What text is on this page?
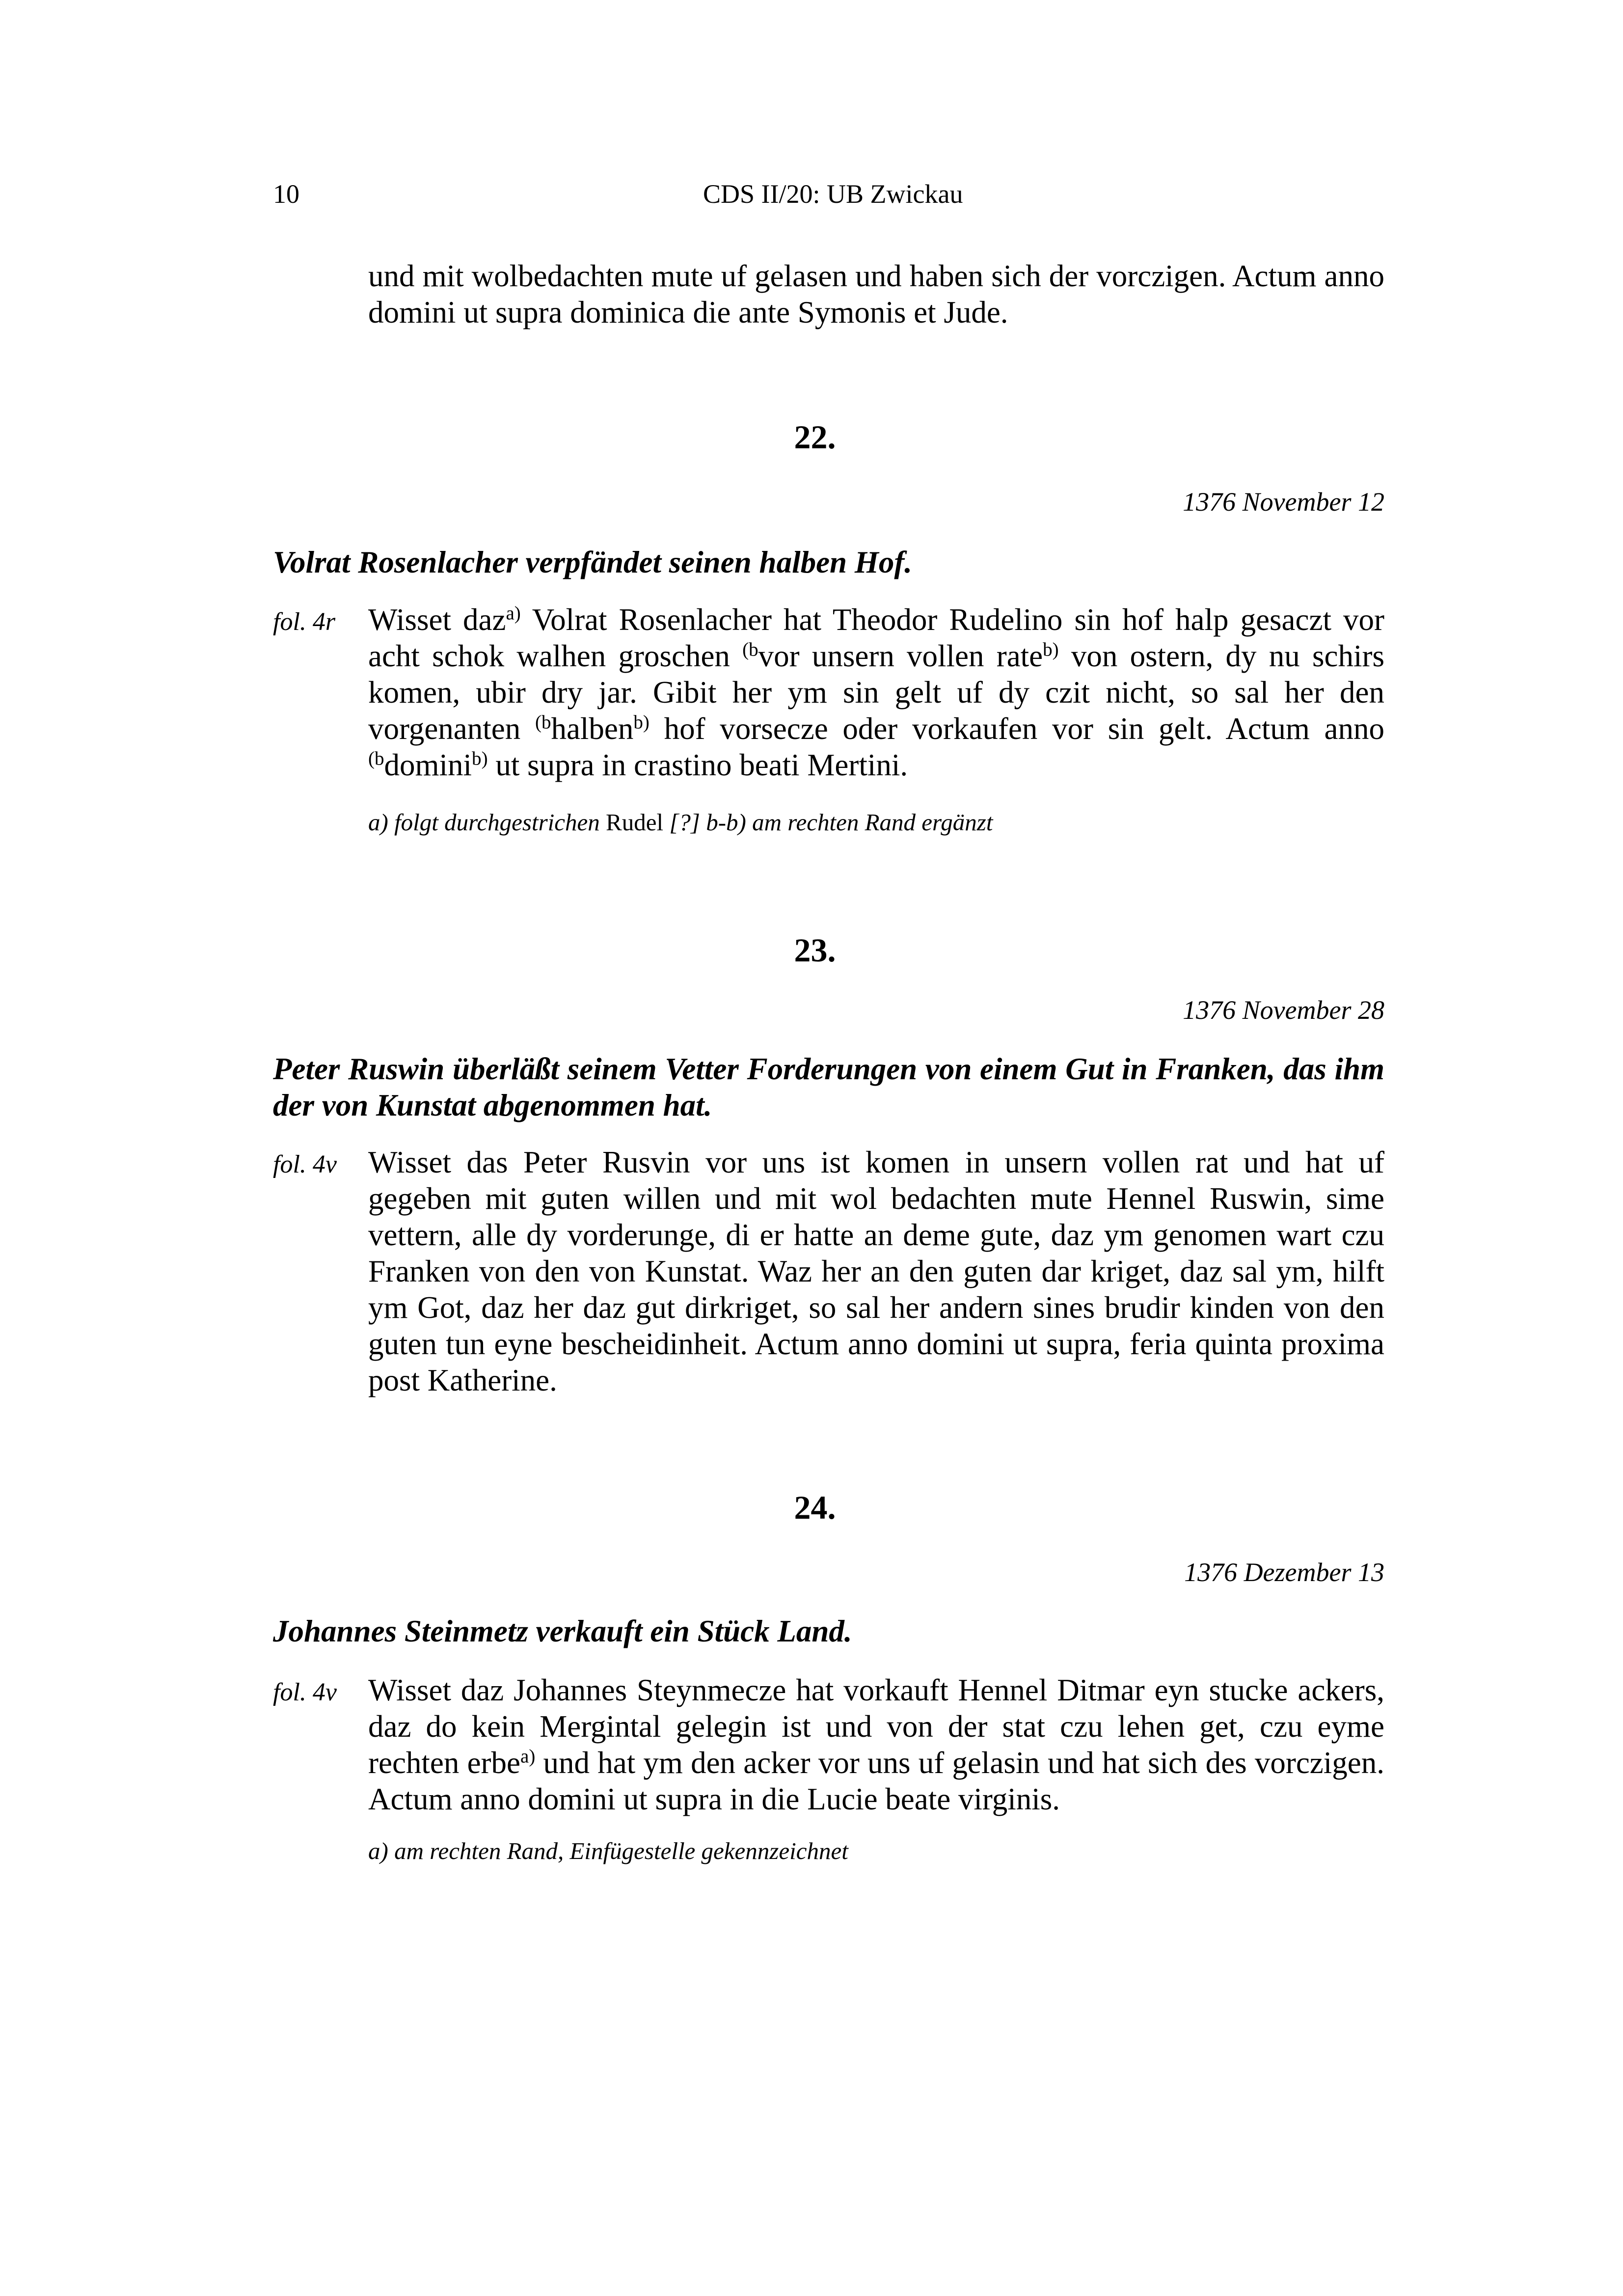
10	CDS II/20: UB Zwickau
und mit wolbedachten mute uf gelasen und haben sich der vorczigen. Actum anno domini ut supra dominica die ante Symonis et Jude.
22.
1376 November 12
Volrat Rosenlacher verpfändet seinen halben Hof.
fol. 4r Wisset daz$^{a)}$ Volrat Rosenlacher hat Theodor Rudelino sin hof halp gesaczt vor acht schok walhen groschen $^{(b}$vor unsern vollen rate$^{b)}$ von ostern, dy nu schirs komen, ubir dry jar. Gibit her ym sin gelt uf dy czit nicht, so sal her den vorgenanten $^{(b}$halben$^{b)}$ hof vorsecze oder vorkaufen vor sin gelt. Actum anno $^{(b}$domini$^{b)}$ ut supra in crastino beati Mertini.
a) folgt durchgestrichen Rudel [?] b-b) am rechten Rand ergänzt
23.
1376 November 28
Peter Ruswin überläßt seinem Vetter Forderungen von einem Gut in Franken, das ihm der von Kunstat abgenommen hat.
fol. 4v Wisset das Peter Rusvin vor uns ist komen in unsern vollen rat und hat uf gegeben mit guten willen und mit wol bedachten mute Hennel Ruswin, sime vettern, alle dy vorderunge, di er hatte an deme gute, daz ym genomen wart czu Franken von den von Kunstat. Waz her an den guten dar kriget, daz sal ym, hilft ym Got, daz her daz gut dirkriget, so sal her andern sines brudir kinden von den guten tun eyne bescheidinheit. Actum anno domini ut supra, feria quinta proxima post Katherine.
24.
1376 Dezember 13
Johannes Steinmetz verkauft ein Stück Land.
fol. 4v Wisset daz Johannes Steynmecze hat vorkauft Hennel Ditmar eyn stucke ackers, daz do kein Mergintal gelegin ist und von der stat czu lehen get, czu eyme rechten erbe$^{a)}$ und hat ym den acker vor uns uf gelasin und hat sich des vorczigen. Actum anno domini ut supra in die Lucie beate virginis.
a) am rechten Rand, Einfügestelle gekennzeichnet
